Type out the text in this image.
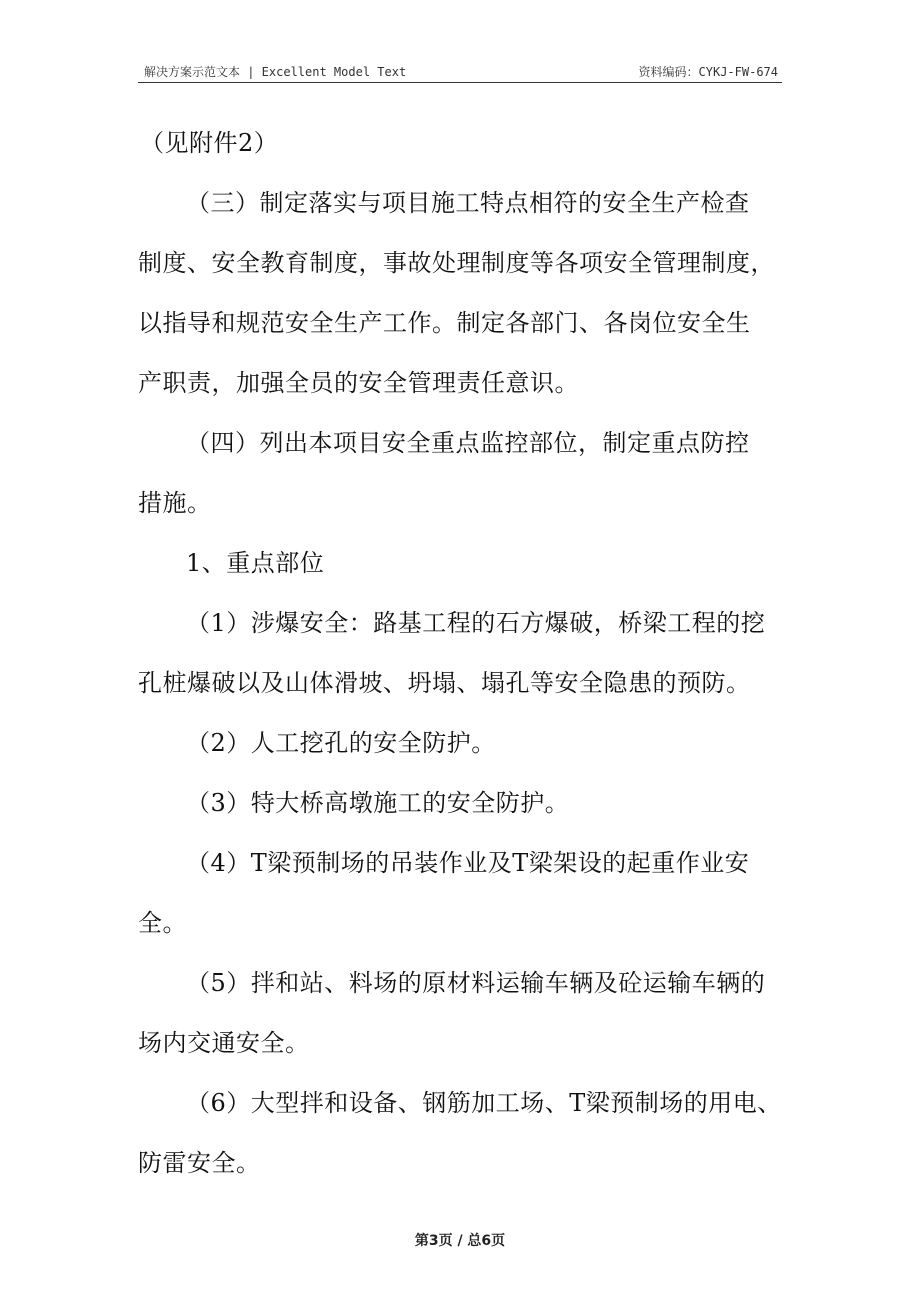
解决方案示范文本 | Excellent Model Text	资料编码：CYKJ-FW-674
（见附件2）
（三）制定落实与项目施工特点相符的安全生产检查
制度、安全教育制度，事故处理制度等各项安全管理制度，
以指导和规范安全生产工作。制定各部门、各岗位安全生
产职责，加强全员的安全管理责任意识。
（四）列出本项目安全重点监控部位，制定重点防控
措施。
1、重点部位
（1）涉爆安全：路基工程的石方爆破，桥梁工程的挖
孔桩爆破以及山体滑坡、坍塌、塌孔等安全隐患的预防。
（2）人工挖孔的安全防护。
（3）特大桥高墩施工的安全防护。
（4）T梁预制场的吊装作业及T梁架设的起重作业安
全。
（5）拌和站、料场的原材料运输车辆及砼运输车辆的
场内交通安全。
（6）大型拌和设备、钢筋加工场、T梁预制场的用电、
防雷安全。
第3页 / 总6页
